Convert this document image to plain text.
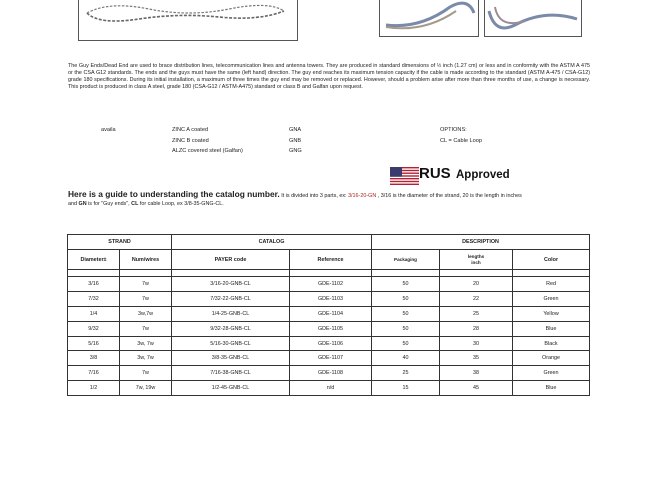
The Guy Ends/Dead End are used to brace distribution lines, telecommunication lines and antenna towers. They are produced in standard dimensions of ½ inch (1.27 cm) or less and in conformity with the ASTM A 475 or the CSA G12 standards. The ends and the guys must have the same (left hand) direction. The guy end reaches its maximum tension capacity if the cable is made according to the standard (ASTM A-475 / CSA-G12) grade 180 specifications. During its initial installation, a maximum of three times the guy end may be removed or replaced. However, should a problem arise after more than three months of use, a change is necessary. This product is produced in class A steel, grade 180 (CSA-G12 / ASTM-A475) standard or class B and Galfan upon request.
availa	ZINC A coated	GNA
ZINC B coated	GNB
ALZC covered steel (Galfan)	GNG
OPTIONS:
CL = Cable Loop
RUS Approved
Here is a guide to understanding the catalog number. It is divided into 3 parts, ex: 3/16-20-GN , 3/16 is the diameter of the strand, 20 is the length in inches
and GN is for "Guy ends", CL for cable Loop, ex 3/8-35-GNG-CL.
STRAND		CATALOG		DESCRIPTION		
Diameter±	Num/wires	PAYER code	Reference	Packaging	lengths
inch	Color

3/16	7w	3/16-20-GNB-CL	GDE-1102	50	20	Red
7/32	7w	7/32-22-GNB-CL	GDE-1103	50	22	Green
1/4	3w,7w	1/4-25-GNB-CL	GDE-1104	50	25	Yellow
9/32	7w	9/32-28-GNB-CL	GDE-1105	50	28	Blue
5/16	3w, 7w	5/16-30-GNB-CL	GDE-1106	50	30	Black
3/8	3w, 7w	3/8-35-GNB-CL	GDE-1107	40	35	Orange
7/16	7w	7/16-38-GNB-CL	GDE-1108	25	38	Green
1/2	7w, 19w	1/2-45-GNB-CL	n/d	15	45	Blue
